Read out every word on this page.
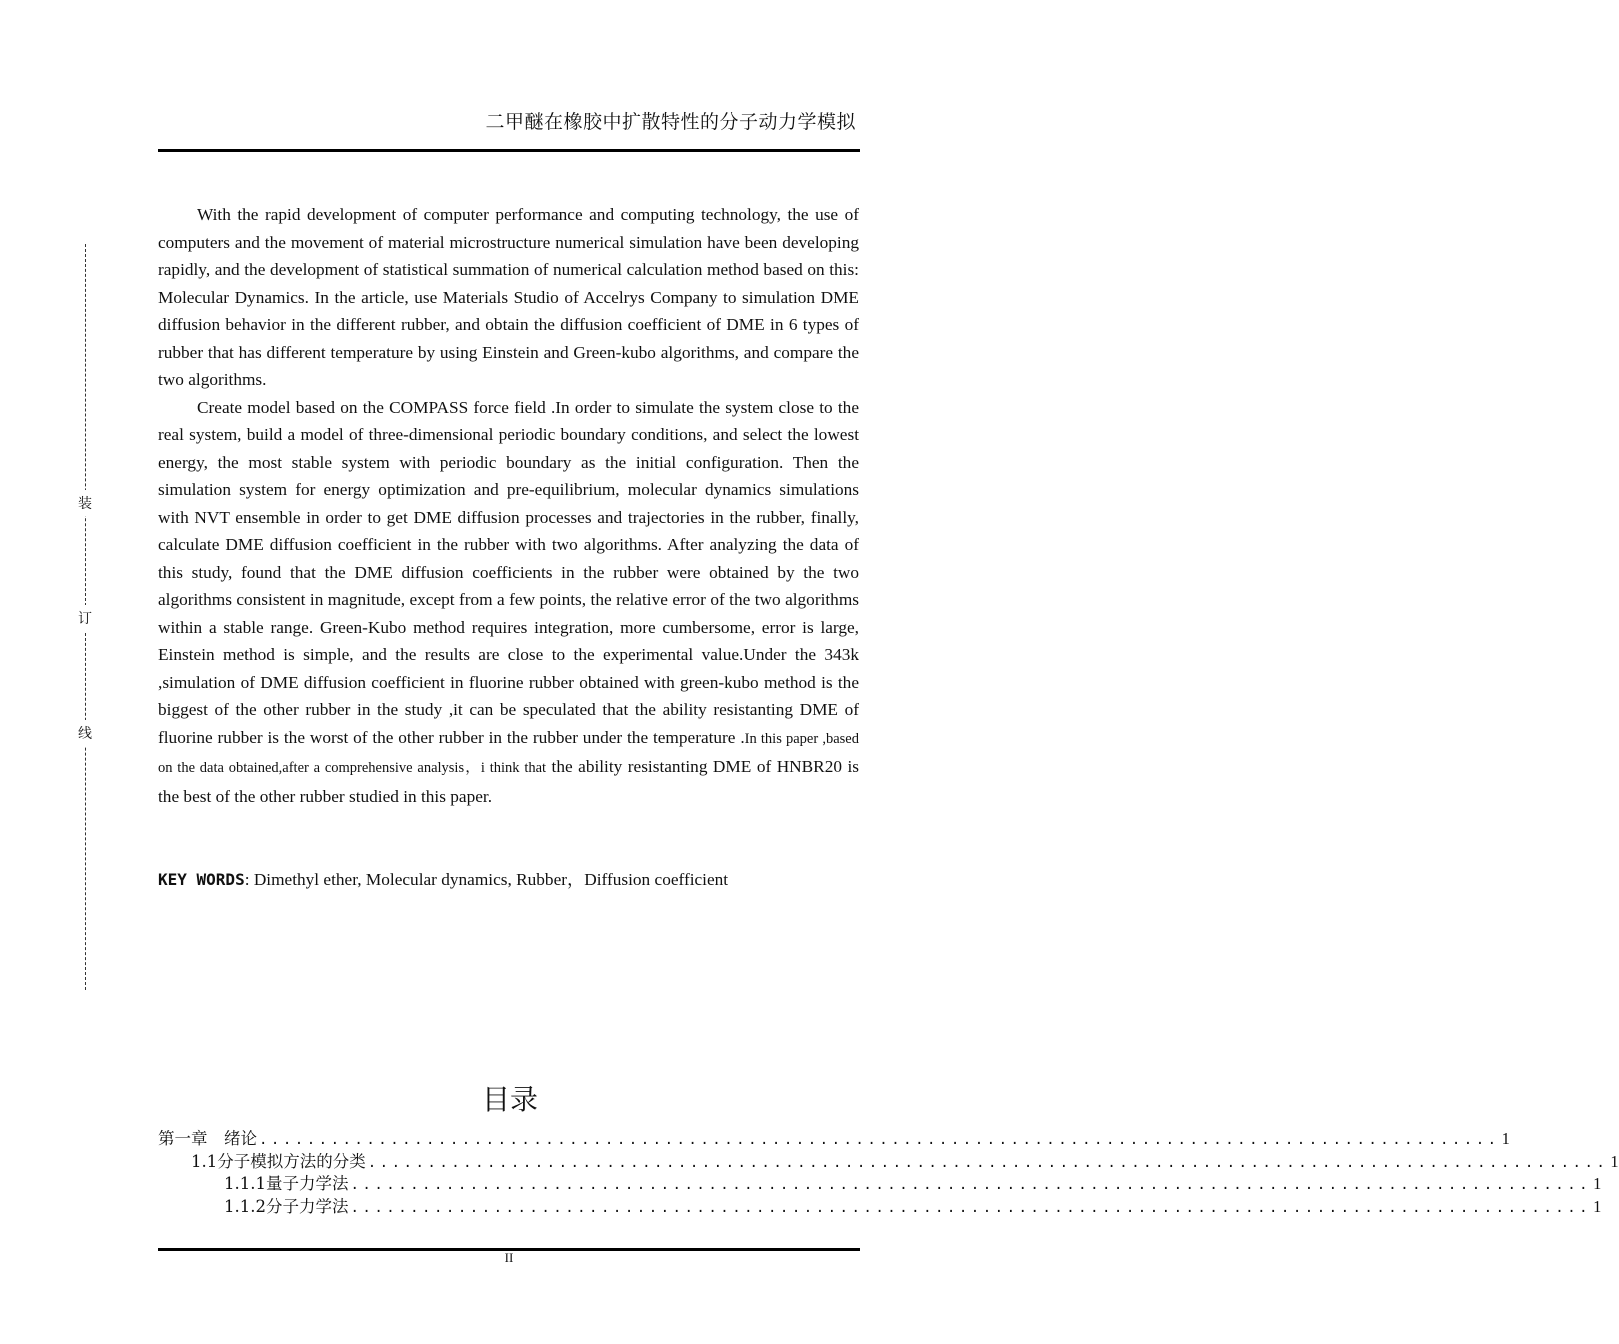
二甲醚在橡胶中扩散特性的分子动力学模拟
装
订
线

With the rapid development of computer performance and computing technology, the use of computers and the movement of material microstructure numerical simulation have been developing rapidly, and the development of statistical summation of numerical calculation method based on this: Molecular Dynamics. In the article, use Materials Studio of Accelrys Company to simulation DME diffusion behavior in the different rubber, and obtain the diffusion coefficient of DME in 6 types of rubber that has different temperature by using Einstein and Green-kubo algorithms, and compare the two algorithms.

Create model based on the COMPASS force field .In order to simulate the system close to the real system, build a model of three-dimensional periodic boundary conditions, and select the lowest energy, the most stable system with periodic boundary as the initial configuration. Then the simulation system for energy optimization and pre-equilibrium, molecular dynamics simulations with NVT ensemble in order to get DME diffusion processes and trajectories in the rubber, finally, calculate DME diffusion coefficient in the rubber with two algorithms. After analyzing the data of this study, found that the DME diffusion coefficients in the rubber were obtained by the two algorithms consistent in magnitude, except from a few points, the relative error of the two algorithms within a stable range. Green-Kubo method requires integration, more cumbersome, error is large, Einstein method is simple, and the results are close to the experimental value.Under the 343k ,simulation of DME diffusion coefficient in fluorine rubber obtained with green-kubo method is the biggest of the other rubber in the study ,it can be speculated that the ability resistanting DME of fluorine rubber is the worst of the other rubber in the rubber under the temperature .In this paper ,based on the data obtained,after a comprehensive analysis，i think that the ability resistanting DME of HNBR20 is the best of the other rubber studied in this paper.

KEY WORDS: Dimethyl ether, Molecular dynamics, Rubber，Diffusion coefficient
目录
第一章　绪论 ........................................................................................................ 1
1.1分子模拟方法的分类 ........................................................................................................ 1
1.1.1量子力学法 ........................................................................................................ 1
1.1.2分子力学法 ........................................................................................................ 1
II
